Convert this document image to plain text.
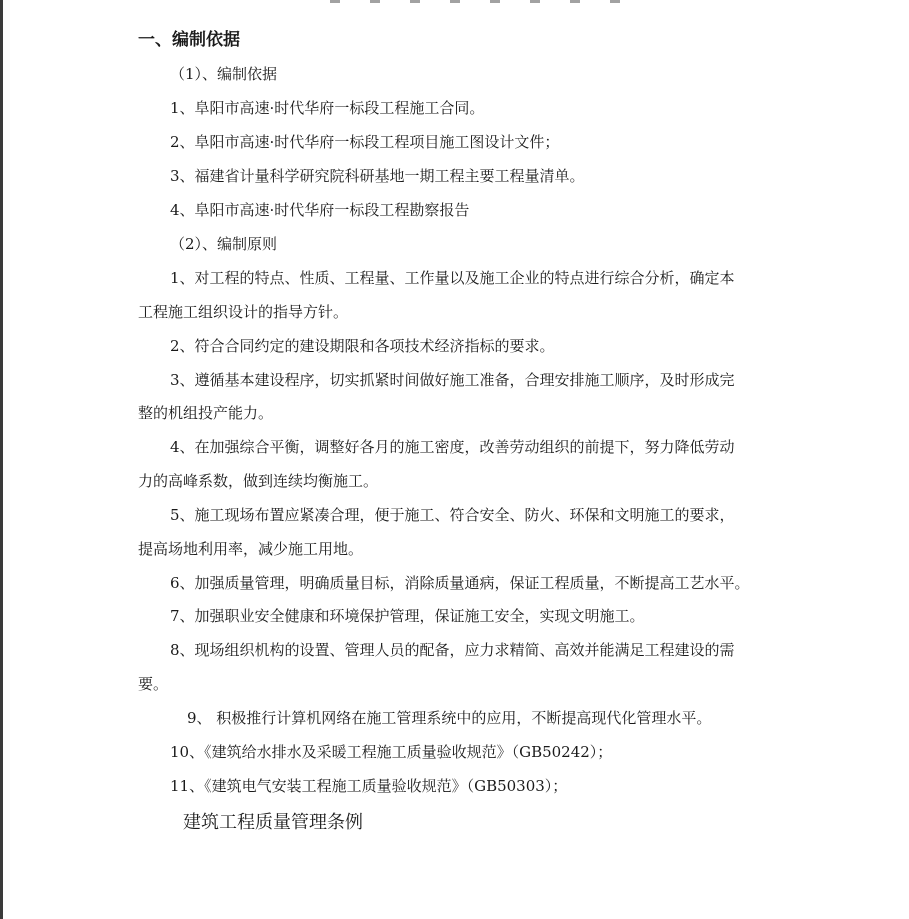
一、编制依据
（1）、编制依据
1、阜阳市高速·时代华府一标段工程施工合同。
2、阜阳市高速·时代华府一标段工程项目施工图设计文件；
3、福建省计量科学研究院科研基地一期工程主要工程量清单。
4、阜阳市高速·时代华府一标段工程勘察报告
（2）、编制原则
1、对工程的特点、性质、工程量、工作量以及施工企业的特点进行综合分析，确定本
工程施工组织设计的指导方针。
2、符合合同约定的建设期限和各项技术经济指标的要求。
3、遵循基本建设程序，切实抓紧时间做好施工准备，合理安排施工顺序，及时形成完
整的机组投产能力。
4、在加强综合平衡，调整好各月的施工密度，改善劳动组织的前提下，努力降低劳动
力的高峰系数，做到连续均衡施工。
5、施工现场布置应紧凑合理，便于施工、符合安全、防火、环保和文明施工的要求，
提高场地利用率，减少施工用地。
6、加强质量管理，明确质量目标，消除质量通病，保证工程质量，不断提高工艺水平。
7、加强职业安全健康和环境保护管理，保证施工安全，实现文明施工。
8、现场组织机构的设置、管理人员的配备，应力求精简、高效并能满足工程建设的需
要。
9、 积极推行计算机网络在施工管理系统中的应用，不断提高现代化管理水平。
10、《建筑给水排水及采暖工程施工质量验收规范》（GB50242）；
11、《建筑电气安装工程施工质量验收规范》（GB50303）；
建筑工程质量管理条例
